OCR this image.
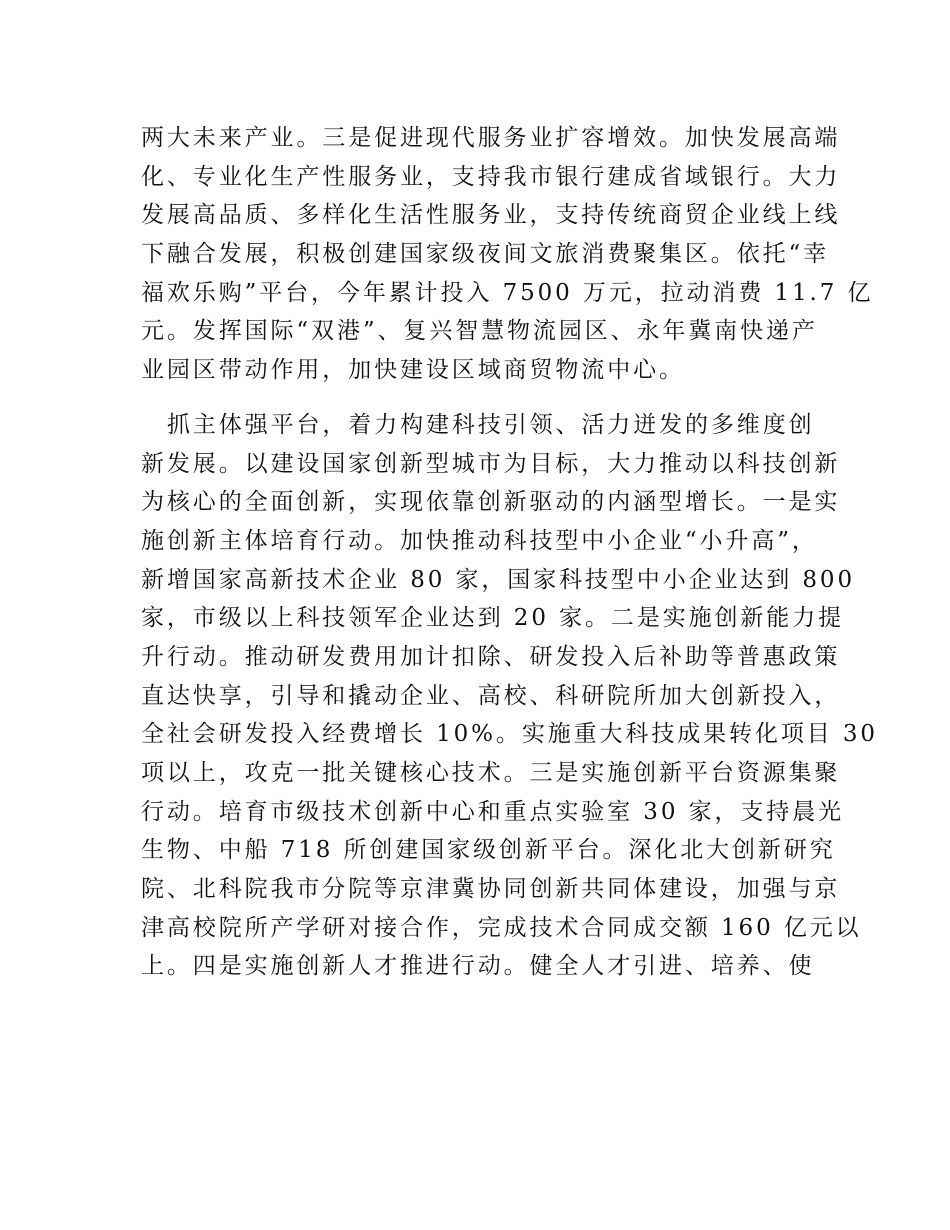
两大未来产业。三是促进现代服务业扩容增效。加快发展高端
化、专业化生产性服务业，支持我市银行建成省域银行。大力
发展高品质、多样化生活性服务业，支持传统商贸企业线上线
下融合发展，积极创建国家级夜间文旅消费聚集区。依托“幸
福欢乐购”平台，今年累计投入 7500 万元，拉动消费 11.7 亿
元。发挥国际“双港”、复兴智慧物流园区、永年冀南快递产
业园区带动作用，加快建设区域商贸物流中心。

抓主体强平台，着力构建科技引领、活力迸发的多维度创
新发展。以建设国家创新型城市为目标，大力推动以科技创新
为核心的全面创新，实现依靠创新驱动的内涵型增长。一是实
施创新主体培育行动。加快推动科技型中小企业“小升高”，
新增国家高新技术企业 80 家，国家科技型中小企业达到 800
家，市级以上科技领军企业达到 20 家。二是实施创新能力提
升行动。推动研发费用加计扣除、研发投入后补助等普惠政策
直达快享，引导和撬动企业、高校、科研院所加大创新投入，
全社会研发投入经费增长 10%。实施重大科技成果转化项目 30
项以上，攻克一批关键核心技术。三是实施创新平台资源集聚
行动。培育市级技术创新中心和重点实验室 30 家，支持晨光
生物、中船 718 所创建国家级创新平台。深化北大创新研究
院、北科院我市分院等京津冀协同创新共同体建设，加强与京
津高校院所产学研对接合作，完成技术合同成交额 160 亿元以
上。四是实施创新人才推进行动。健全人才引进、培养、使
